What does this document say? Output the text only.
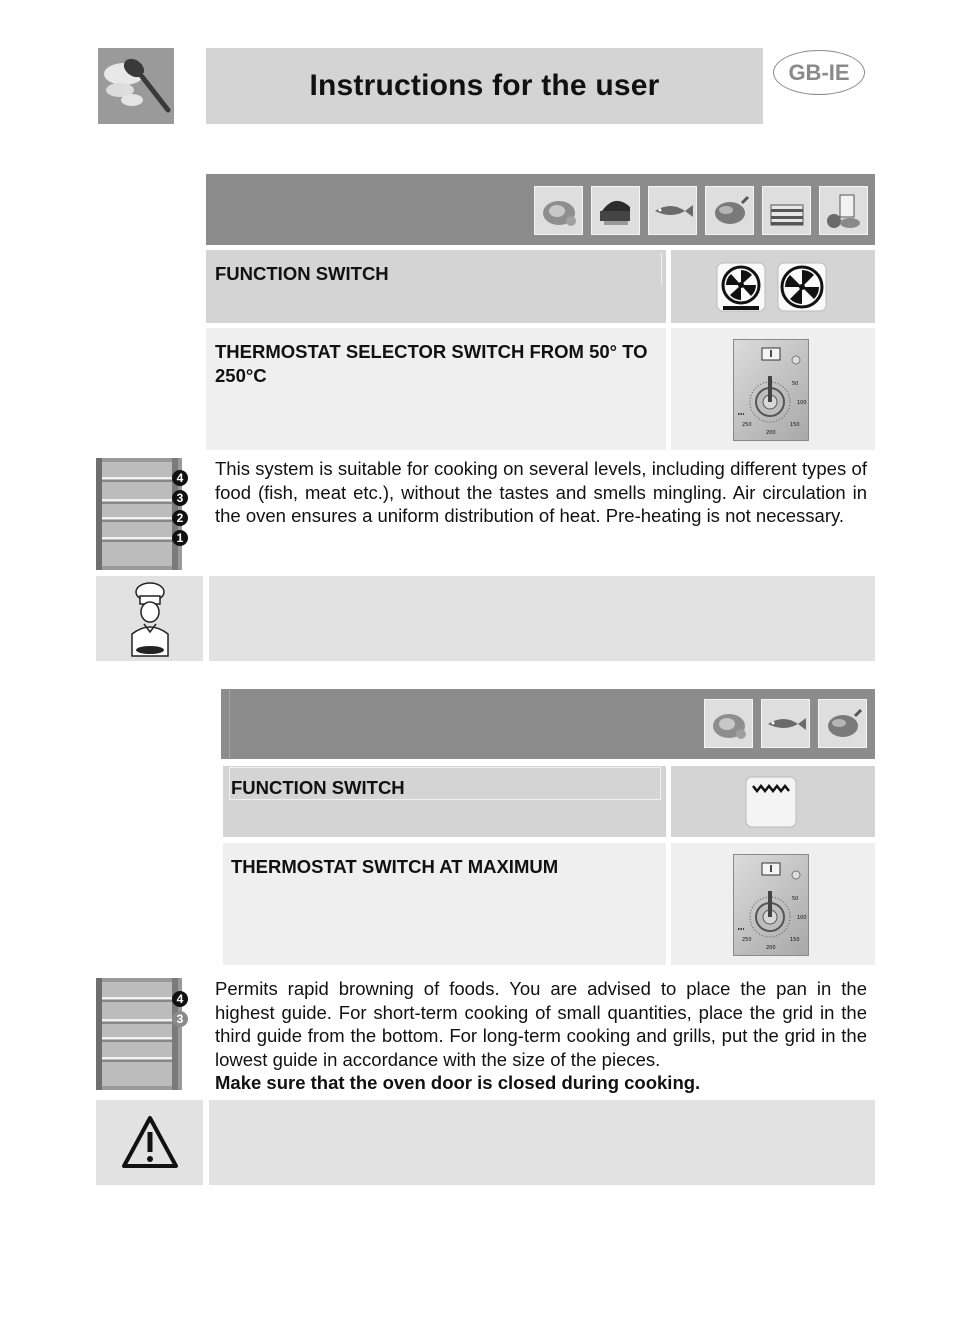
Instructions for the user	GB-IE
FUNCTION SWITCH
THERMOSTAT SELECTOR SWITCH FROM 50° TO 250°C	50
100
150
200
250
4
3
2
1
This system is suitable for cooking on several levels, including different types of food (fish, meat etc.), without the tastes and smells mingling. Air circulation in the oven ensures a uniform distribution of heat. Pre-heating is not necessary.
FUNCTION SWITCH
THERMOSTAT SWITCH AT MAXIMUM
50
100
150
200
250
4
3
Permits rapid browning of foods. You are advised to place the pan in the highest guide. For short-term cooking of small quantities, place the grid in the third guide from the bottom. For long-term cooking and grills, put the grid in the lowest guide in accordance with the size of the pieces.
Make sure that the oven door is closed during cooking.
